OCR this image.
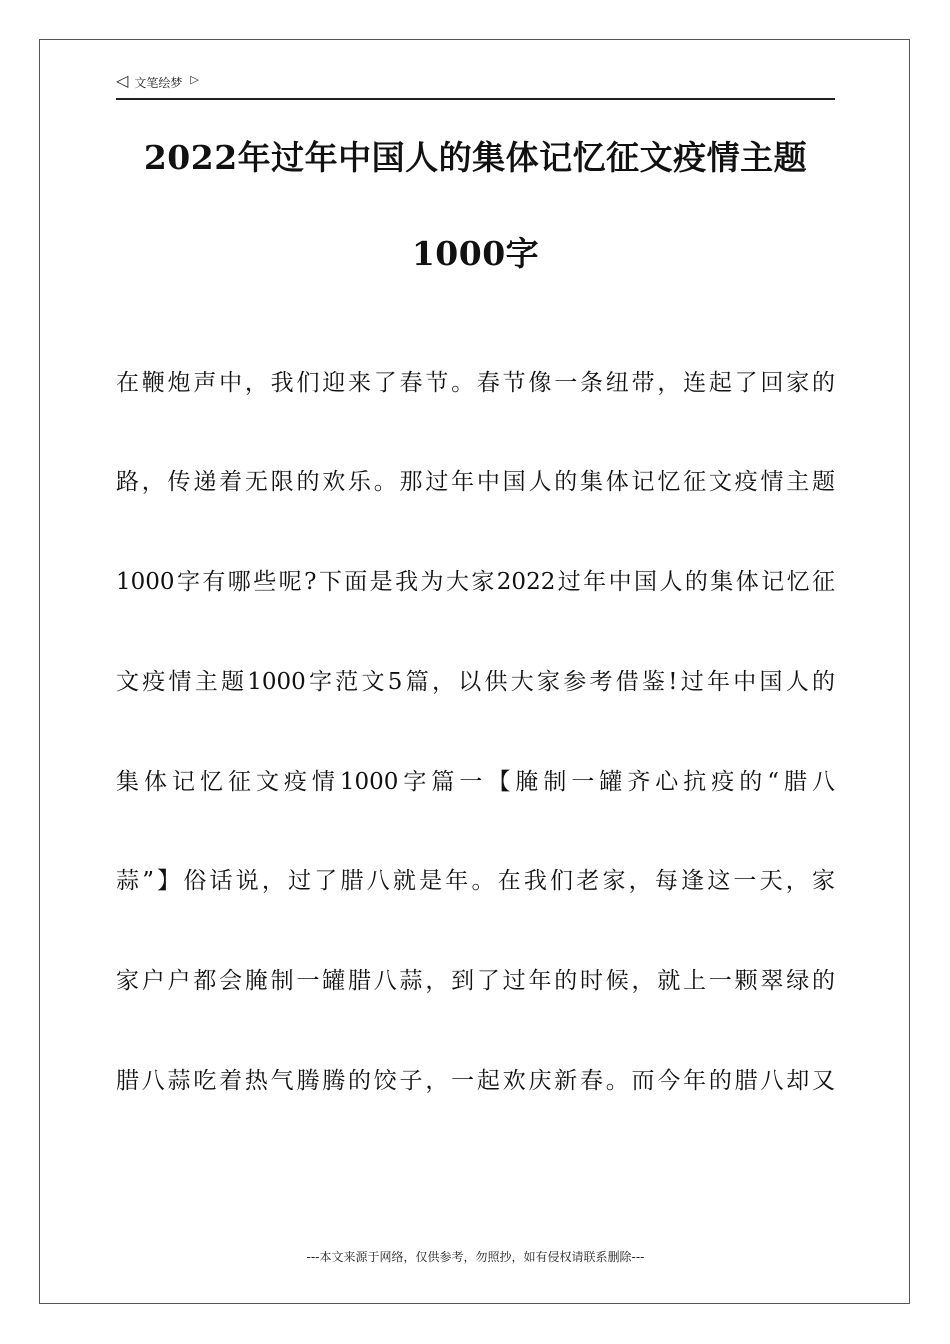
◁ 文笔绘梦 ▷
2022年过年中国人的集体记忆征文疫情主题
1000字
在鞭炮声中，我们迎来了春节。春节像一条纽带，连起了回家的
路，传递着无限的欢乐。那过年中国人的集体记忆征文疫情主题
1000字有哪些呢?下面是我为大家2022过年中国人的集体记忆征
文疫情主题1000字范文5篇，以供大家参考借鉴!过年中国人的
集体记忆征文疫情1000字篇一【腌制一罐齐心抗疫的“腊八
蒜”】俗话说，过了腊八就是年。在我们老家，每逢这一天，家
家户户都会腌制一罐腊八蒜，到了过年的时候，就上一颗翠绿的
腊八蒜吃着热气腾腾的饺子，一起欢庆新春。而今年的腊八却又
---本文来源于网络，仅供参考，勿照抄，如有侵权请联系删除---
